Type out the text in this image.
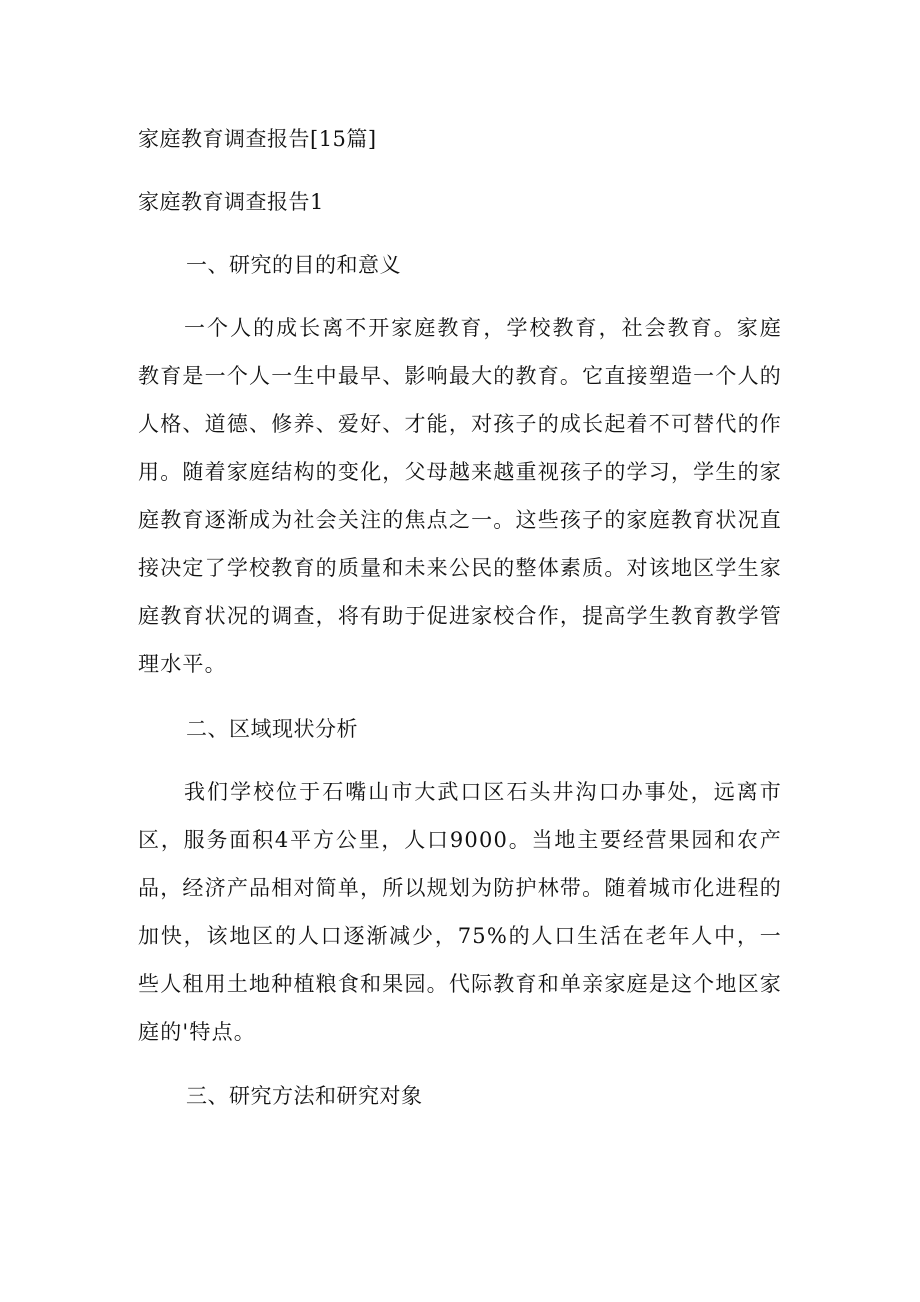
家庭教育调查报告[15篇]
家庭教育调查报告1
一、研究的目的和意义

一个人的成长离不开家庭教育，学校教育，社会教育。家庭教育是一个人一生中最早、影响最大的教育。它直接塑造一个人的人格、道德、修养、爱好、才能，对孩子的成长起着不可替代的作用。随着家庭结构的变化，父母越来越重视孩子的学习，学生的家庭教育逐渐成为社会关注的焦点之一。这些孩子的家庭教育状况直接决定了学校教育的质量和未来公民的整体素质。对该地区学生家庭教育状况的调查，将有助于促进家校合作，提高学生教育教学管理水平。

二、区域现状分析

我们学校位于石嘴山市大武口区石头井沟口办事处，远离市区，服务面积4平方公里，人口9000。当地主要经营果园和农产品，经济产品相对简单，所以规划为防护林带。随着城市化进程的加快，该地区的人口逐渐减少，75%的人口生活在老年人中，一些人租用土地种植粮食和果园。代际教育和单亲家庭是这个地区家庭的'特点。

三、研究方法和研究对象
